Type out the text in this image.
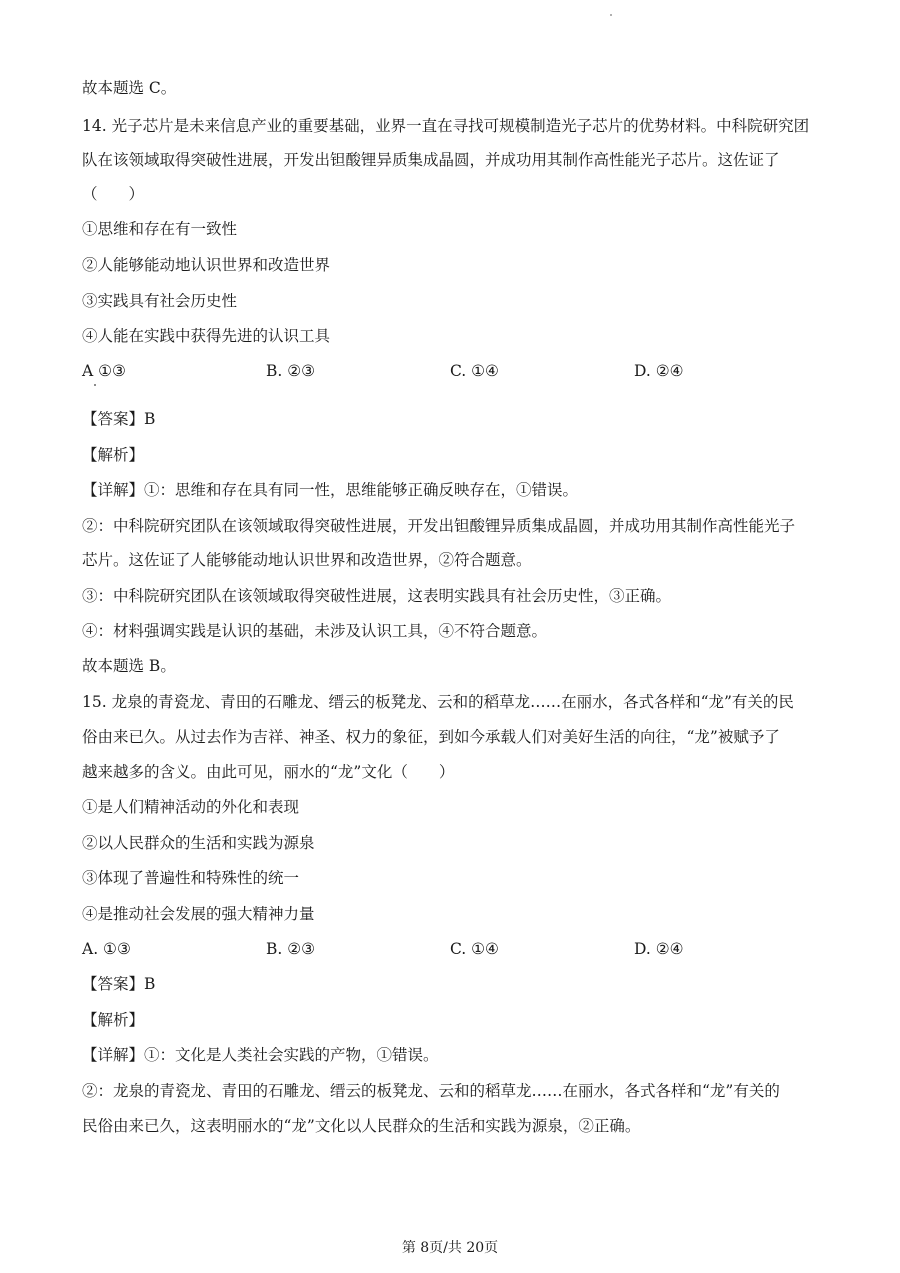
故本题选 C。
14. 光子芯片是未来信息产业的重要基础，业界一直在寻找可规模制造光子芯片的优势材料。中科院研究团
队在该领域取得突破性进展，开发出钽酸锂异质集成晶圆，并成功用其制作高性能光子芯片。这佐证了
（　　）
①思维和存在有一致性
②人能够能动地认识世界和改造世界
③实践具有社会历史性
④人能在实践中获得先进的认识工具
A ①③	B. ②③	C. ①④	D. ②④
【答案】B
【解析】
【详解】①：思维和存在具有同一性，思维能够正确反映存在，①错误。
②：中科院研究团队在该领域取得突破性进展，开发出钽酸锂异质集成晶圆，并成功用其制作高性能光子
芯片。这佐证了人能够能动地认识世界和改造世界，②符合题意。
③：中科院研究团队在该领域取得突破性进展，这表明实践具有社会历史性，③正确。
④：材料强调实践是认识的基础，未涉及认识工具，④不符合题意。
故本题选 B。
15. 龙泉的青瓷龙、青田的石雕龙、缙云的板凳龙、云和的稻草龙……在丽水，各式各样和“龙”有关的民
俗由来已久。从过去作为吉祥、神圣、权力的象征，到如今承载人们对美好生活的向往，“龙”被赋予了
越来越多的含义。由此可见，丽水的“龙”文化（　　）
①是人们精神活动的外化和表现
②以人民群众的生活和实践为源泉
③体现了普遍性和特殊性的统一
④是推动社会发展的强大精神力量
A. ①③	B. ②③	C. ①④	D. ②④
【答案】B
【解析】
【详解】①：文化是人类社会实践的产物，①错误。
②：龙泉的青瓷龙、青田的石雕龙、缙云的板凳龙、云和的稻草龙……在丽水，各式各样和“龙”有关的
民俗由来已久，这表明丽水的“龙”文化以人民群众的生活和实践为源泉，②正确。
第 8页/共 20页
